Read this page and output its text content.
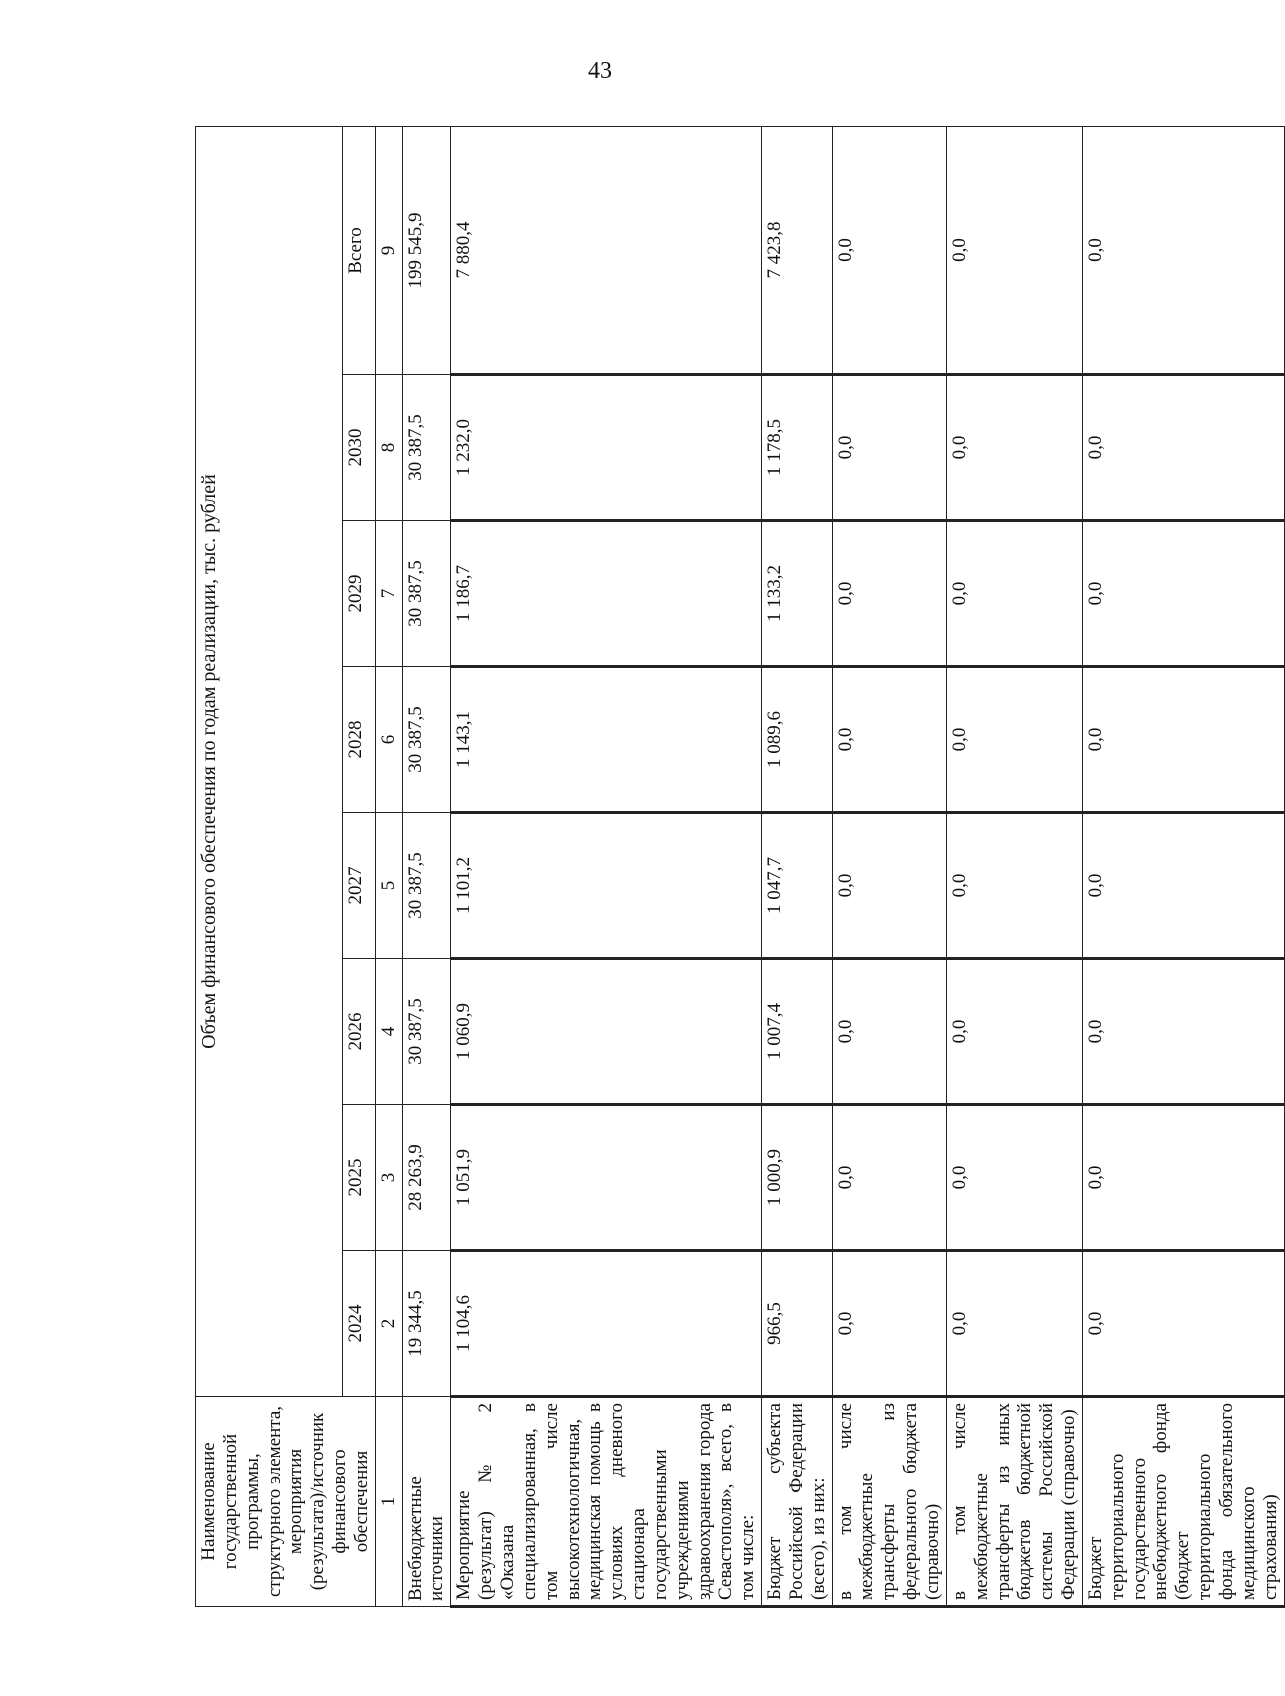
43
Наименование государственной программы, структурного элемента, мероприятия (результата)/источник финансового обеспечения	Объем финансового обеспечения по годам реализации, тыс. рублей							
	2024	2025	2026	2027	2028	2029	2030	Всего
1	2	3	4	5	6	7	8	9
Внебюджетные источники	19 344,5	28 263,9	30 387,5	30 387,5	30 387,5	30 387,5	30 387,5	199 545,9
Мероприятие (результат) № 2 «Оказана специализированная, в том числе высокотехнологичная, медицинская помощь в условиях дневного стационара государственными учреждениями здравоохранения города Севастополя», всего, в том числе:	1 104,6	1 051,9	1 060,9	1 101,2	1 143,1	1 186,7	1 232,0	7 880,4
Бюджет субъекта Российской Федерации (всего), из них:	966,5	1 000,9	1 007,4	1 047,7	1 089,6	1 133,2	1 178,5	7 423,8
в том числе межбюджетные трансферты из федерального бюджета (справочно)	0,0	0,0	0,0	0,0	0,0	0,0	0,0	0,0
в том числе межбюджетные трансферты из иных бюджетов бюджетной системы Российской Федерации (справочно)	0,0	0,0	0,0	0,0	0,0	0,0	0,0	0,0
Бюджет территориального государственного внебюджетного фонда (бюджет территориального фонда обязательного медицинского страхования)	0,0	0,0	0,0	0,0	0,0	0,0	0,0	0,0
